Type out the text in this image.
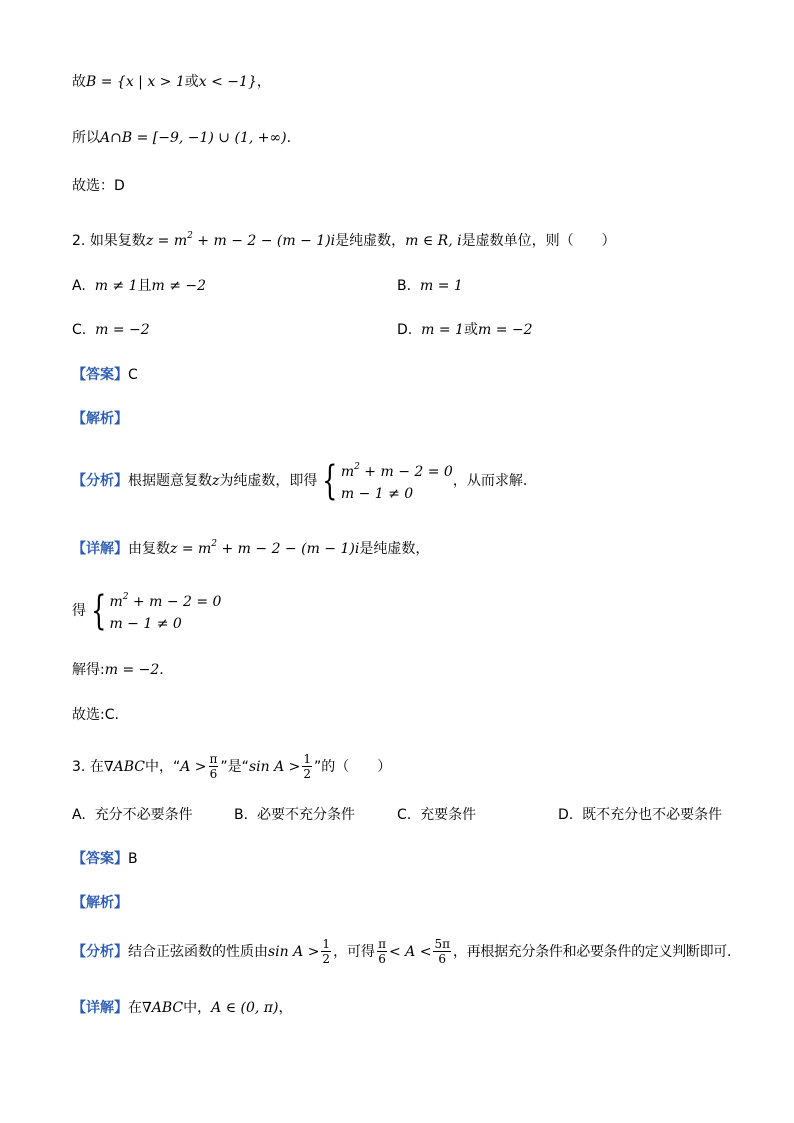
故B = {x | x > 1或x < −1}，
所以A∩B = [−9, −1) ∪ (1, +∞).
故选：D
2. 如果复数$z = m^2 + m - 2 - (m - 1)i$是纯虚数，m ∈ R, i是虚数单位，则（　　）
A. m ≠ 1且m ≠ −2	B. m = 1
C. m = −2	D. m = 1或m = −2
【答案】C
【解析】
【分析】 根据题意复数 z 为纯虚数，即得 { $m^2 + m - 2 = 0$
m − 1 ≠ 0
，从而求解.
【详解】由复数$z = m^2 + m - 2 - (m - 1)i$是纯虚数，
得 { $m^2 + m - 2 = 0$
m − 1 ≠ 0
解得:m = −2.
故选:C.
3.
在 ∇ABC 中，“ $A > \frac{\pi}{6}$ ”是“ $\sin A > \frac{1}{2}$ ”的（　　）
A. 充分不必要条件	B. 必要不充分条件	C. 充要条件	D. 既不充分也不必要条件
【答案】B
【解析】
【分析】 结合正弦函数的性质由 $\sin A > \frac{1}{2}$ ，可得 $\frac{\pi}{6} < A < \frac{5\pi}{6}$ ，再根据充分条件和必要条件的定义判断即可.
【详解】在∇ABC中，A ∈ (0, π)，
